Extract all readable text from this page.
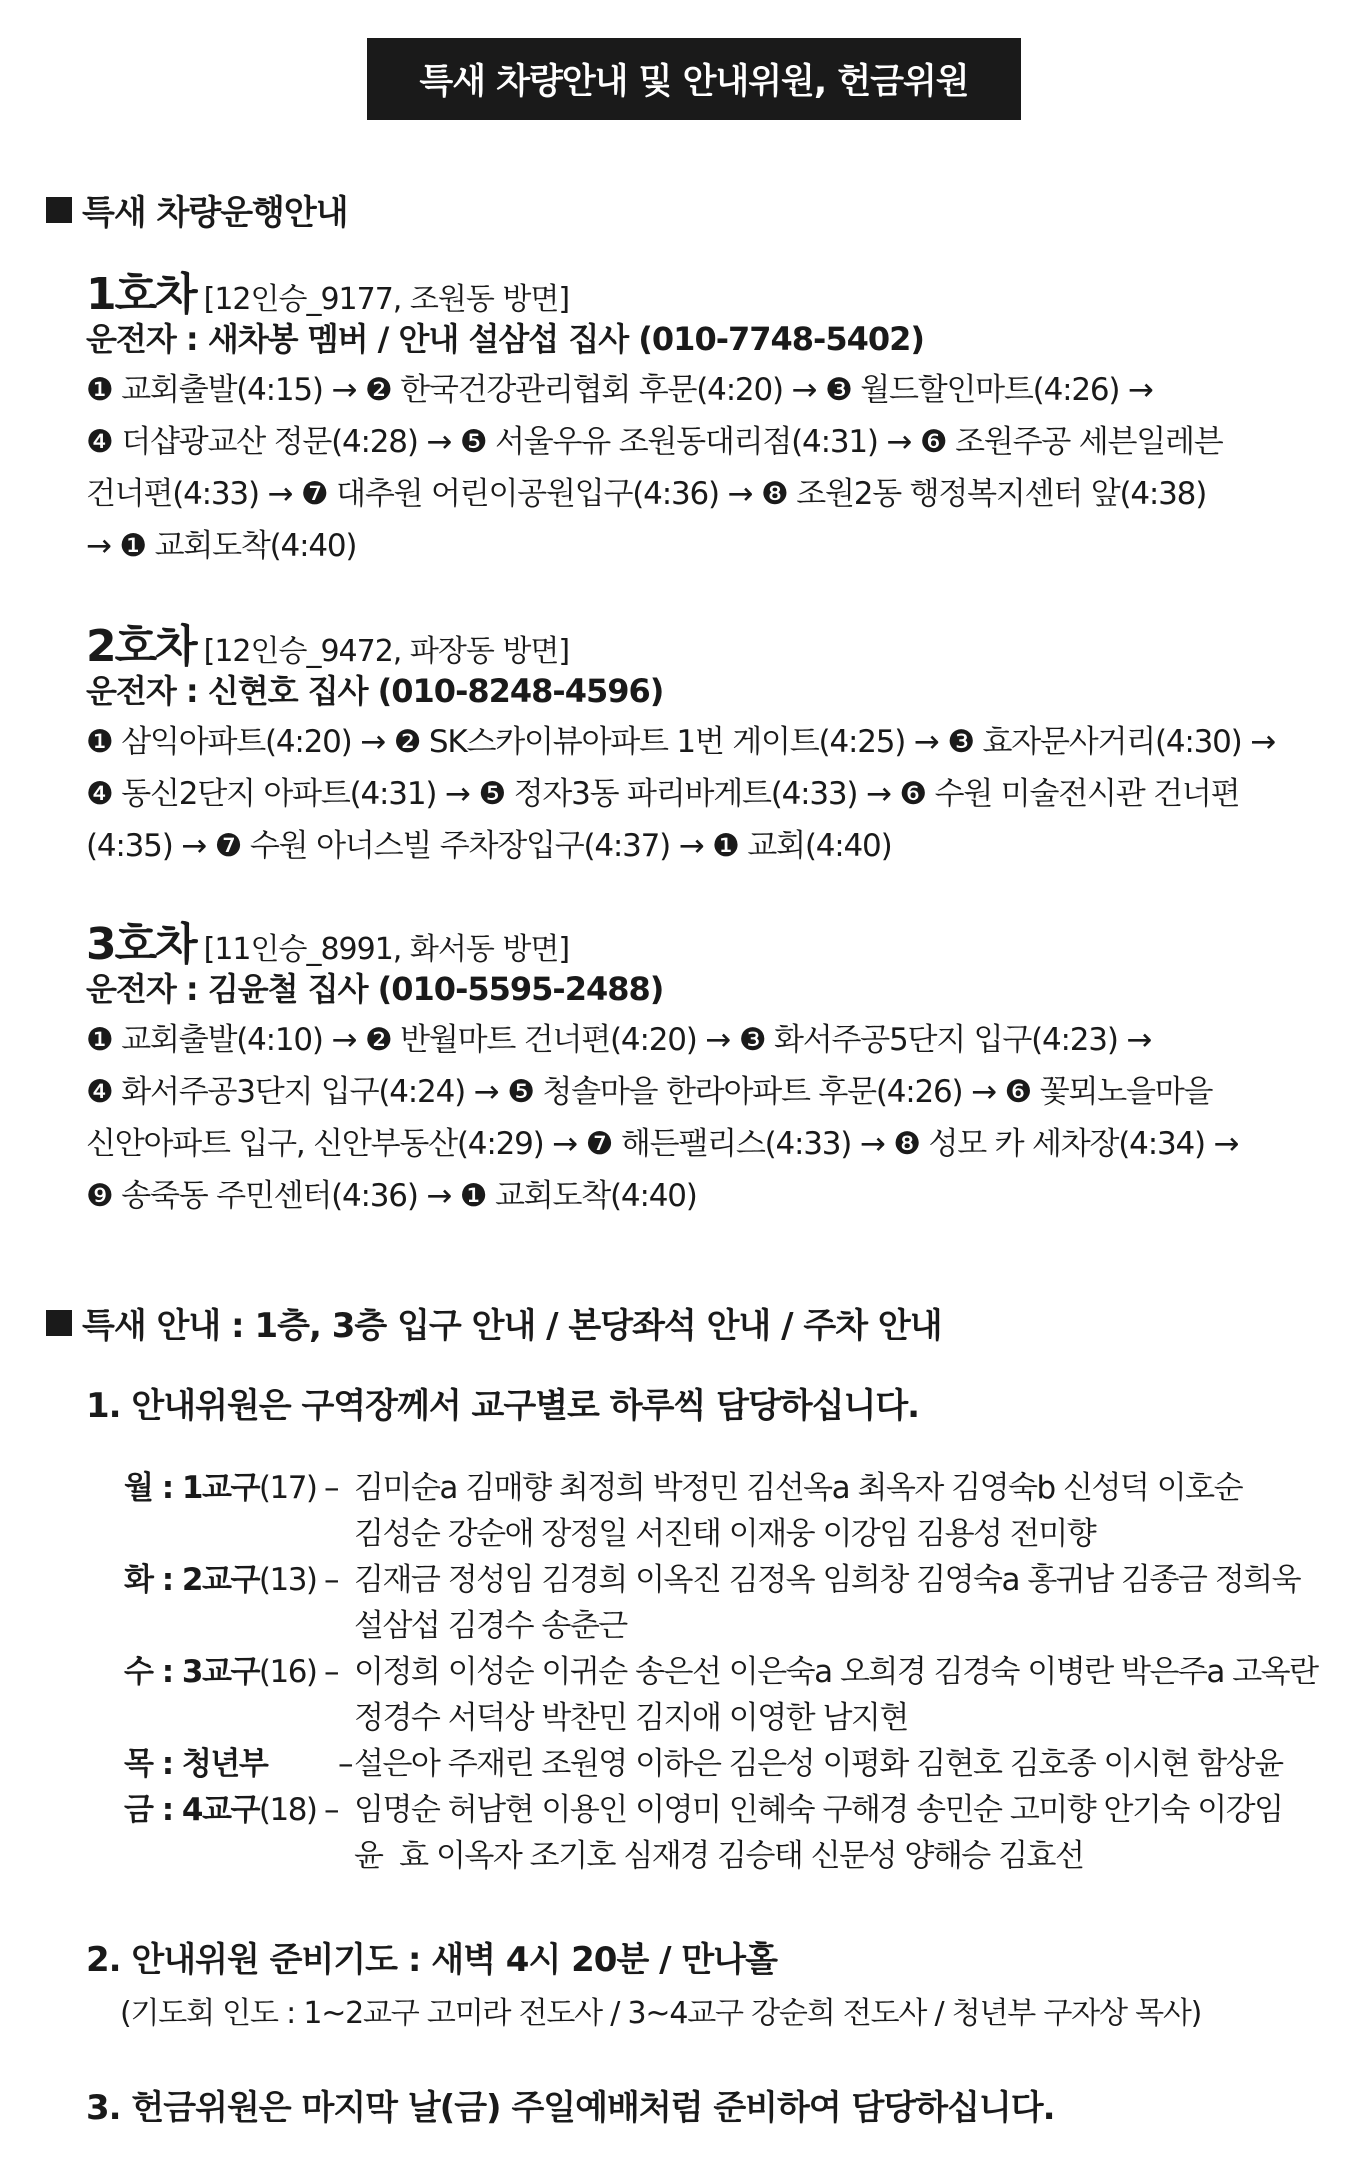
특새 차량안내 및 안내위원, 헌금위원
특새 차량운행안내
1호차 [12인승_9177, 조원동 방면]
운전자 : 새차봉 멤버 / 안내 설삼섭 집사 (010-7748-5402)
❶ 교회출발(4:15) → ❷ 한국건강관리협회 후문(4:20) → ❸ 월드할인마트(4:26) →
❹ 더샵광교산 정문(4:28) → ❺ 서울우유 조원동대리점(4:31) → ❻ 조원주공 세븐일레븐
건너편(4:33) → ❼ 대추원 어린이공원입구(4:36) → ❽ 조원2동 행정복지센터 앞(4:38)
→ ❶ 교회도착(4:40)
2호차 [12인승_9472, 파장동 방면]
운전자 : 신현호 집사 (010-8248-4596)
❶ 삼익아파트(4:20) → ❷ SK스카이뷰아파트 1번 게이트(4:25) → ❸ 효자문사거리(4:30) →
❹ 동신2단지 아파트(4:31) → ❺ 정자3동 파리바게트(4:33) → ❻ 수원 미술전시관 건너편
(4:35) → ❼ 수원 아너스빌 주차장입구(4:37) → ❶ 교회(4:40)
3호차 [11인승_8991, 화서동 방면]
운전자 : 김윤철 집사 (010-5595-2488)
❶ 교회출발(4:10) → ❷ 반월마트 건너편(4:20) → ❸ 화서주공5단지 입구(4:23) →
❹ 화서주공3단지 입구(4:24) → ❺ 청솔마을 한라아파트 후문(4:26) → ❻ 꽃뫼노을마을
신안아파트 입구, 신안부동산(4:29) → ❼ 해든팰리스(4:33) → ❽ 성모 카 세차장(4:34) →
❾ 송죽동 주민센터(4:36) → ❶ 교회도착(4:40)
특새 안내 : 1층, 3층 입구 안내 / 본당좌석 안내 / 주차 안내
1. 안내위원은 구역장께서 교구별로 하루씩 담당하십니다.
월 : 1교구(17) – 김미순a 김매향 최정희 박정민 김선옥a 최옥자 김영숙b 신성덕 이호순
김성순 강순애 장정일 서진태 이재웅 이강임 김용성 전미향
화 : 2교구(13) – 김재금 정성임 김경희 이옥진 김정옥 임희창 김영숙a 홍귀남 김종금 정희욱
설삼섭 김경수 송춘근
수 : 3교구(16) – 이정희 이성순 이귀순 송은선 이은숙a 오희경 김경숙 이병란 박은주a 고옥란
정경수 서덕상 박찬민 김지애 이영한 남지현
목 : 청년부	– 설은아 주재린 조원영 이하은 김은성 이평화 김현호 김호종 이시현 함상윤
금 : 4교구(18) – 임명순 허남현 이용인 이영미 인혜숙 구해경 송민순 고미향 안기숙 이강임
윤  효 이옥자 조기호 심재경 김승태 신문성 양해승 김효선
2. 안내위원 준비기도 : 새벽 4시 20분 / 만나홀
(기도회 인도 : 1~2교구 고미라 전도사 / 3~4교구 강순희 전도사 / 청년부 구자상 목사)
3. 헌금위원은 마지막 날(금) 주일예배처럼 준비하여 담당하십니다.
